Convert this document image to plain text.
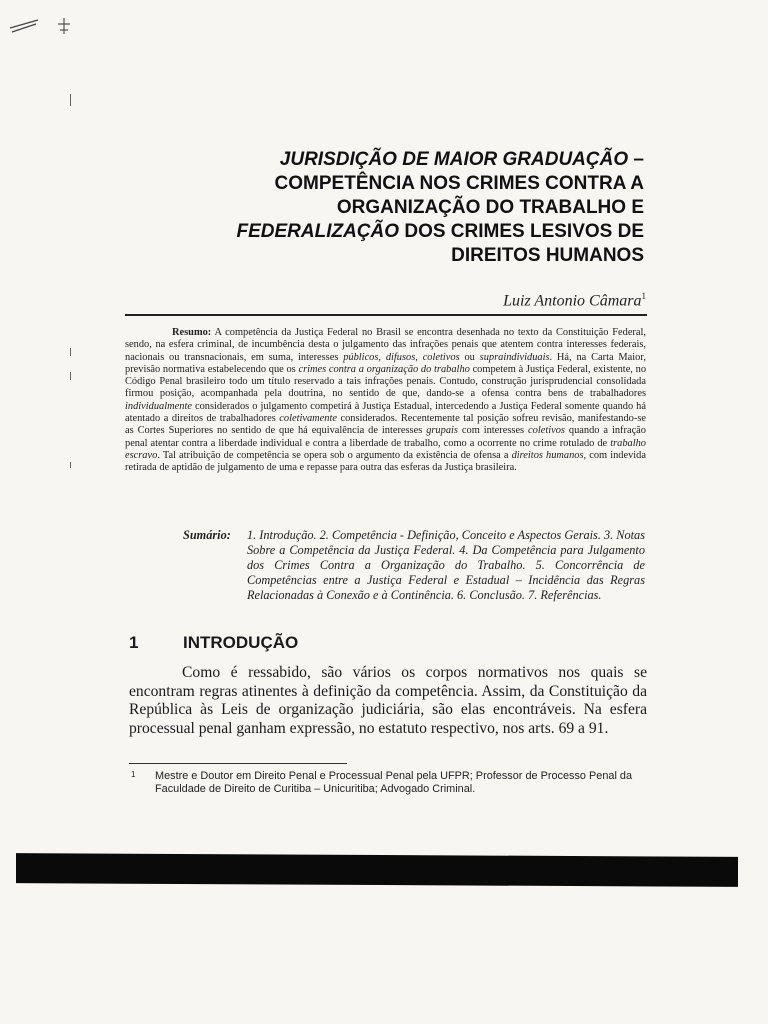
JURISDIÇÃO DE MAIOR GRADUAÇÃO –
COMPETÊNCIA NOS CRIMES CONTRA A
ORGANIZAÇÃO DO TRABALHO E
FEDERALIZAÇÃO DOS CRIMES LESIVOS DE
DIREITOS HUMANOS
Luiz Antonio Câmara$^1$
Resumo: A competência da Justiça Federal no Brasil se encontra desenhada no texto da Constituição Federal, sendo, na esfera criminal, de incumbência desta o julgamento das infrações penais que atentem contra interesses federais, nacionais ou transnacionais, em suma, interesses públicos, difusos, coletivos ou supraindividuais. Há, na Carta Maior, previsão normativa estabelecendo que os crimes contra a organização do trabalho competem à Justiça Federal, existente, no Código Penal brasileiro todo um título reservado a tais infrações penais. Contudo, construção jurisprudencial consolidada firmou posição, acompanhada pela doutrina, no sentido de que, dando-se a ofensa contra bens de trabalhadores individualmente considerados o julgamento competirá à Justiça Estadual, intercedendo a Justiça Federal somente quando há atentado a direitos de trabalhadores coletivamente considerados. Recentemente tal posição sofreu revisão, manifestando-se as Cortes Superiores no sentido de que há equivalência de interesses grupais com interesses coletivos quando a infração penal atentar contra a liberdade individual e contra a liberdade de trabalho, como a ocorrente no crime rotulado de trabalho escravo. Tal atribuição de competência se opera sob o argumento da existência de ofensa a direitos humanos, com indevida retirada de aptidão de julgamento de uma e repasse para outra das esferas da Justiça brasileira.
Sumário: 1. Introdução. 2. Competência - Definição, Conceito e Aspectos Gerais. 3. Notas Sobre a Competência da Justiça Federal. 4. Da Competência para Julgamento dos Crimes Contra a Organização do Trabalho. 5. Concorrência de Competências entre a Justiça Federal e Estadual – Incidência das Regras Relacionadas à Conexão e à Continência. 6. Conclusão. 7. Referências.
1	INTRODUÇÃO
Como é ressabido, são vários os corpos normativos nos quais se encontram regras atinentes à definição da competência. Assim, da Constituição da República às Leis de organização judiciária, são elas encontráveis. Na esfera processual penal ganham expressão, no estatuto respectivo, nos arts. 69 a 91.
1 Mestre e Doutor em Direito Penal e Processual Penal pela UFPR; Professor de Processo Penal da Faculdade de Direito de Curitiba – Unicuritiba; Advogado Criminal.
